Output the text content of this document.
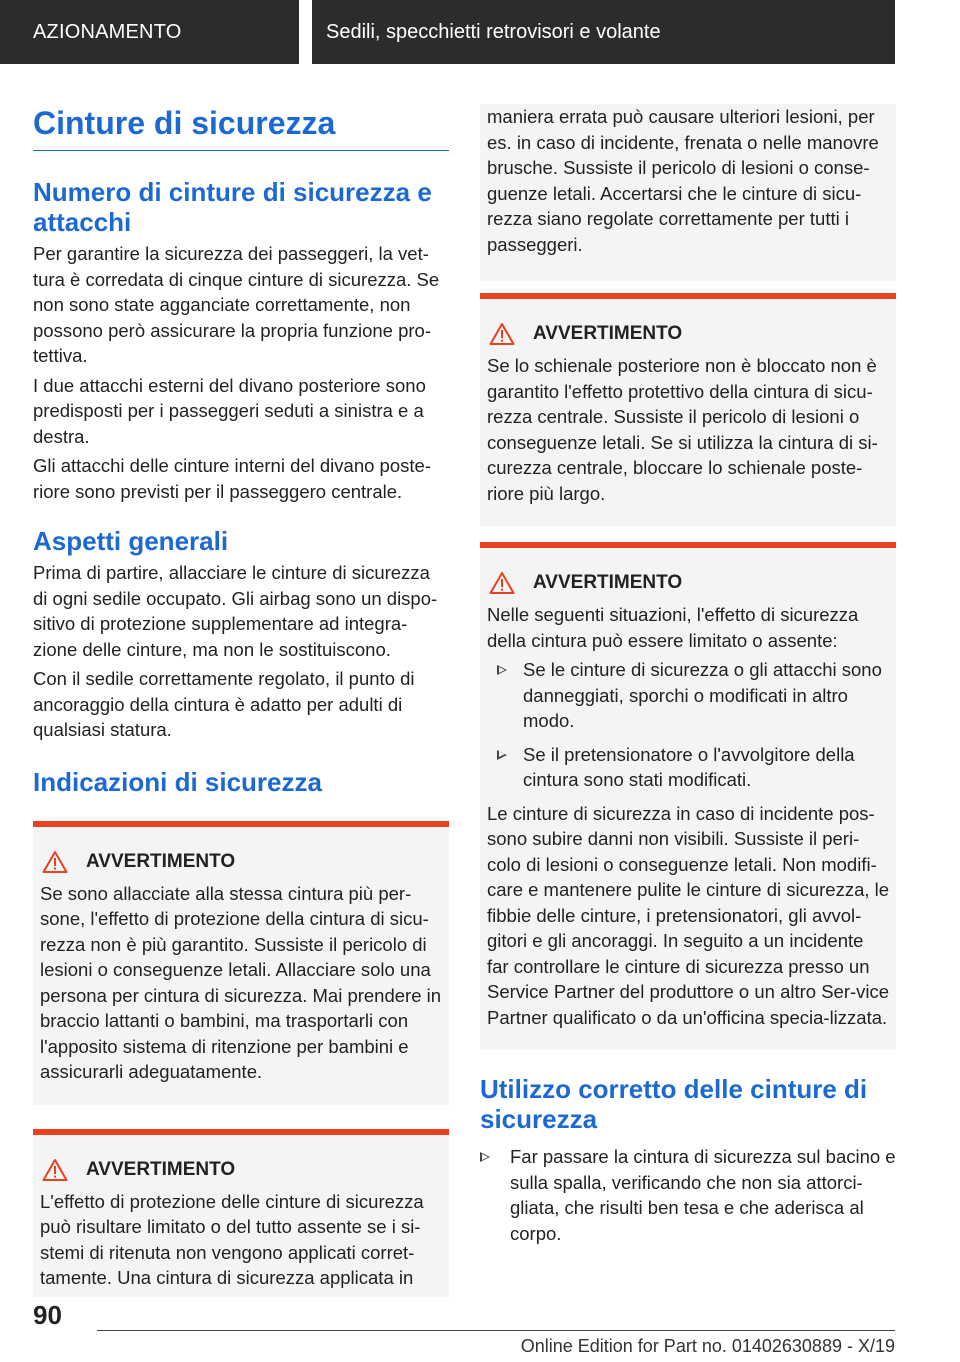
AZIONAMENTO	Sedili, specchietti retrovisori e volante
Cinture di sicurezza
Numero di cinture di sicurezza e attacchi

Per garantire la sicurezza dei passeggeri, la vet-tura è corredata di cinque cinture di sicurezza. Se non sono state agganciate correttamente, non possono però assicurare la propria funzione pro-tettiva.

I due attacchi esterni del divano posteriore sono predisposti per i passeggeri seduti a sinistra e a destra.

Gli attacchi delle cinture interni del divano poste-riore sono previsti per il passeggero centrale.

Aspetti generali

Prima di partire, allacciare le cinture di sicurezza di ogni sedile occupato. Gli airbag sono un dispo-sitivo di protezione supplementare ad integra-zione delle cinture, ma non le sostituiscono.

Con il sedile correttamente regolato, il punto di ancoraggio della cintura è adatto per adulti di qualsiasi statura.

Indicazioni di sicurezza
AVVERTIMENTO

Se sono allacciate alla stessa cintura più per-sone, l'effetto di protezione della cintura di sicu-rezza non è più garantito. Sussiste il pericolo di lesioni o conseguenze letali. Allacciare solo una persona per cintura di sicurezza. Mai prendere in braccio lattanti o bambini, ma trasportarli con l'apposito sistema di ritenzione per bambini e assicurarli adeguatamente.

AVVERTIMENTO

L'effetto di protezione delle cinture di sicurezza può risultare limitato o del tutto assente se i si-stemi di ritenuta non vengono applicati corret-tamente. Una cintura di sicurezza applicata in

maniera errata può causare ulteriori lesioni, per es. in caso di incidente, frenata o nelle manovre brusche. Sussiste il pericolo di lesioni o conse-guenze letali. Accertarsi che le cinture di sicu-rezza siano regolate correttamente per tutti i passeggeri.

AVVERTIMENTO

Se lo schienale posteriore non è bloccato non è garantito l'effetto protettivo della cintura di sicu-rezza centrale. Sussiste il pericolo di lesioni o conseguenze letali. Se si utilizza la cintura di si-curezza centrale, bloccare lo schienale poste-riore più largo.

AVVERTIMENTO

Nelle seguenti situazioni, l'effetto di sicurezza della cintura può essere limitato o assente:

Se le cinture di sicurezza o gli attacchi sono danneggiati, sporchi o modificati in altro modo.
Se il pretensionatore o l'avvolgitore della cintura sono stati modificati.

Le cinture di sicurezza in caso di incidente pos-sono subire danni non visibili. Sussiste il peri-colo di lesioni o conseguenze letali. Non modifi-care e mantenere pulite le cinture di sicurezza, le fibbie delle cinture, i pretensionatori, gli avvol-gitori e gli ancoraggi. In seguito a un incidente far controllare le cinture di sicurezza presso un Service Partner del produttore o un altro Ser-vice Partner qualificato o da un'officina specia-lizzata.

Utilizzo corretto delle cinture di sicurezza
Far passare la cintura di sicurezza sul bacino e sulla spalla, verificando che non sia attorci-gliata, che risulti ben tesa e che aderisca al corpo.
90
Online Edition for Part no. 01402630889 - X/19
